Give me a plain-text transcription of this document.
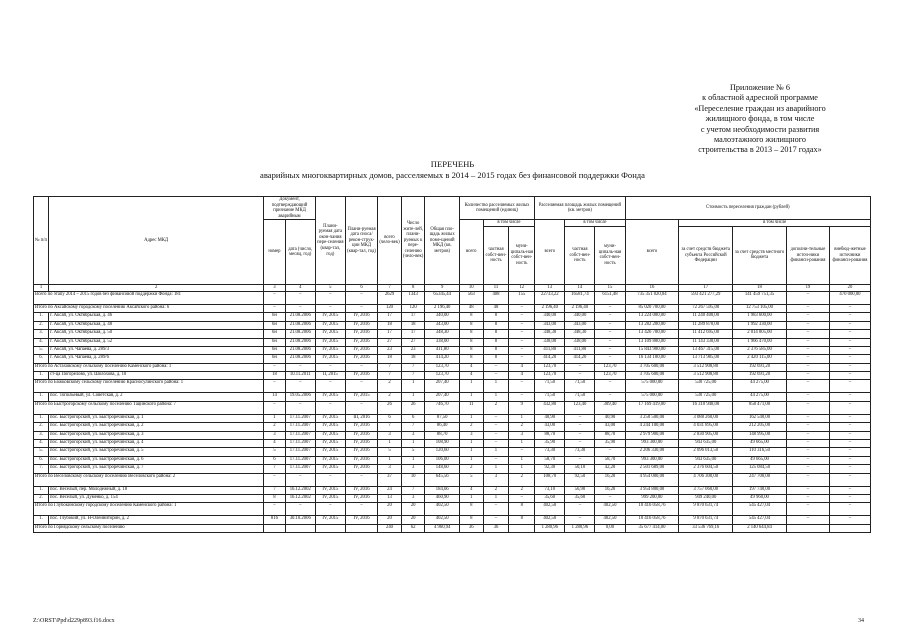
Приложение № 6
к областной адресной программе
«Переселение граждан из аварийного
жилищного фонда, в том числе
с учетом необходимости развития
малоэтажного жилищного
строительства в 2013 – 2017 годах»
ПЕРЕЧЕНЬ
аварийных многоквартирных домов, расселяемых в 2014 – 2015 годах без финансовой поддержки Фонда
№ п/п	Адрес МКД	Документ, подтверждающий признание МКД аварийным		Плани-руемая дата окон-чания пере-селения (квар-тал, год)	Плани-руемая дата сноса/ рекон-струк-ции МКД (квар-тал, год)	всего (чело-век)	Число жите-лей, плани-руемых к пере-селению (чело-век)	Общая пло-щадь жилых поме-щений МКД (кв. метров)	Количество расселяемых жилых помещений (единиц)			Расселяемая площадь жилых помещений (кв. метров)			Стоимость переселения граждан (рублей)				
		номер	дата (число, месяц, год)						всего	в том числе		всего	в том числе		всего	в том числе			
										частная собст-вен-ность	муни-ципаль-ная собст-вен-ность		частная собст-вен-ность	муни-ципаль-ная собст-вен-ность		за счет средств бюджета субъекта Российской Федерации	за счет средств местного бюджета	дополни-тельные источ-ники финанси-рования	внебюд-жетные источники финанси-рования
1	2	3	4	5	6	7	8	9	10	11	12	13	14	15	16	17	18	19	20
Всего по этапу 2014 – 2015 годов без финансовой поддержки Фонда: 181		–	–	–	–	2629	1343	65345,44	563	408	155	22733,22	16581,74	6151,48	735 351 020,04	593 421 277,29	141 459 751,35	–	470 000,00
Итого по Аксайскому городскому поселению Аксайского района: 6		–	–	–	–	120	120	2 196,40	48	48	–	2 196,40	2 196,40	–	85 020 700,00	72 267 595,00	12 753 105,00	–	–
1.	г. Аксай, ул. Октябрьская, д. 46	6н	21.08.2006	IV, 2015	IV, 2016	17	17	340,00	8	8	–	340,00	340,00	–	13 224 000,00	11 240 400,00	1 983 600,00	–	–
2.	г. Аксай, ул. Октябрьская, д. 48	6н	21.08.2006	IV, 2015	IV, 2016	18	18	343,00	8	8	–	343,00	343,00	–	13 282 200,00	11 289 870,00	1 992 330,00	–	–
3.	г. Аксай, ул. Октябрьская, д. 50	6н	21.08.2006	IV, 2015	IV, 2016	17	17	348,30	8	8	–	348,30	348,30	–	13 426 700,00	11 412 695,00	2 014 005,00	–	–
4.	г. Аксай, ул. Октябрьская, д. 52	6н	21.08.2006	IV, 2015	IV, 2016	27	27	338,00	8	8	–	338,00	338,00	–	13 109 800,00	11 143 330,00	1 966 470,00	–	–
5.	г. Аксай, ул. Чапаева, д. 289/3	6н	21.08.2006	IV, 2015	IV, 2016	23	23	411,80	8	8	–	411,80	411,80	–	15 843 900,00	13 467 315,00	2 376 585,00	–	–
6.	г. Аксай, ул. Чапаева, д. 289/6	6н	21.08.2006	IV, 2015	IV, 2016	18	18	414,20	8	8	–	414,20	414,20	–	16 134 100,00	13 713 985,00	2 420 115,00	–	–
Итого по Астаховскому сельскому поселению Каменского района: 1		–	–	–	–	7	7	123,70	4	–	4	123,70	–	123,70	3 705 600,00	3 512 908,80	192 691,20	–	–
1.	ст-ца Погорелово, ул. Шолохова, д. 10	18	10.11.2011	II, 2015	IV, 2016	7	7	123,70	4	–	4	123,70	–	123,70	3 705 600,00	3 512 908,80	192 691,20	–	–
Итого по Божковскому сельскому поселению Красносулинского района: 1		–	–	–	–	2	1	207,40	1	1	–	71,50	71,50	–	575 000,00	530 725,00	44 275,00	–	–
1.	пос. Топольевый, ул. Советская, д. 2	14	19.05.2006	IV, 2015	IV, 2015	2	1	207,40	1	1	–	71,50	71,50	–	575 000,00	530 725,00	44 275,00	–	–
Итого по Быстрогорскому сельскому поселению Тацинского района: 7		–	–	–	–	26	26	746,70	11	2	9	432,80	123,40	309,40	17 169 419,00	16 310 948,00	858 471,00	–	–
1.	пос. Быстрогорский, ул. Быстроречинская, д. 1	1	17.11.2007	IV, 2015	III, 2016	6	6	87,50	1	–	1	40,90	–	40,90	3 250 500,00	3 088 260,00	162 540,00	–	–
2.	пос. Быстрогорский, ул. Быстроречинская, д. 2	2	17.11.2007	IV, 2015	IV, 2016	7	7	86,40	2	–	2	43,00	–	43,00	4 244 100,00	4 031 895,00	212 205,00	–	–
3.	пос. Быстрогорский, ул. Быстроречинская, д. 3	3	17.11.2007	IV, 2015	IV, 2016	3	3	88,70	3	–	3	88,70	–	88,70	2 979 900,00	2 830 905,00	148 995,00	–	–
4.	пос. Быстрогорский, ул. Быстроречинская, д. 4	4	17.11.2007	IV, 2015	IV, 2016	1	1	108,90	1	–	1	35,90	–	35,90	993 300,00	943 635,00	49 665,00	–	–
5.	пос. Быстрогорский, ул. Быстроречинская, д. 5	5	17.11.2007	IV, 2015	IV, 2016	5	5	120,60	1	1	–	73,30	73,30	–	2 206 330,00	2 096 013,50	110 316,50	–	–
6.	пос. Быстрогорский, ул. Быстроречинская, д. 6	6	17.11.2007	IV, 2015	IV, 2016	1	1	106,00	1	–	1	58,70	–	58,70	993 300,00	943 635,00	49 665,00	–	–
7.	пос. Быстрогорский, ул. Быстроречинская, д. 7	7	17.11.2007	IV, 2015	IV, 2016	3	3	148,60	2	1	1	92,30	50,10	42,20	2 501 689,00	2 376 604,50	125 084,50	–	–
Итого по Веселовскому сельскому поселению Веселовского района: 2		–	–	–	–	37	10	645,56	5	3	2	108,70	92,50	16,20	4 954 000,00	4 706 300,00	247 700,00	–	–
1.	пос. Веселый, пер. Молодежный, д. 18	7	16.12.2002	IV, 2015	IV, 2016	24	7	184,66	4	2	2	73,10	56,90	16,20	3 954 800,00	3 757 060,00	197 740,00	–	–
2.	пос. Веселый, ул. Думенко, д. 154	8	16.12.2002	IV, 2015	IV, 2016	13	3	460,90	1	1	–	35,60	35,60	–	999 200,00	949 240,00	49 960,00	–	–
Итого по Глубокинскому городскому поселению Каменского района: 1		–	–	–	–	20	20	402,50	8	–	8	402,50	–	402,50	10 416 058,76	9 870 631,74	545 427,04	–	–
1.	пос. Глубокий, ул. Н-Олеиниторин, д. 2	816	30.10.2006	IV, 2015	IV, 2016	20	20	402,50	8	–	8	402,50	–	402,50	10 416 058,76	9 870 631,74	545 427,04	–	–
Итого по Горнядскому сельскому поселению						240	62	4 960,94	36	36		1 280,96	1 280,96	0,00	35 677 414,00	33 536 769,16	2 140 644,84		
Z:\ORST\Ppd\d229p893.f16.docx	34
